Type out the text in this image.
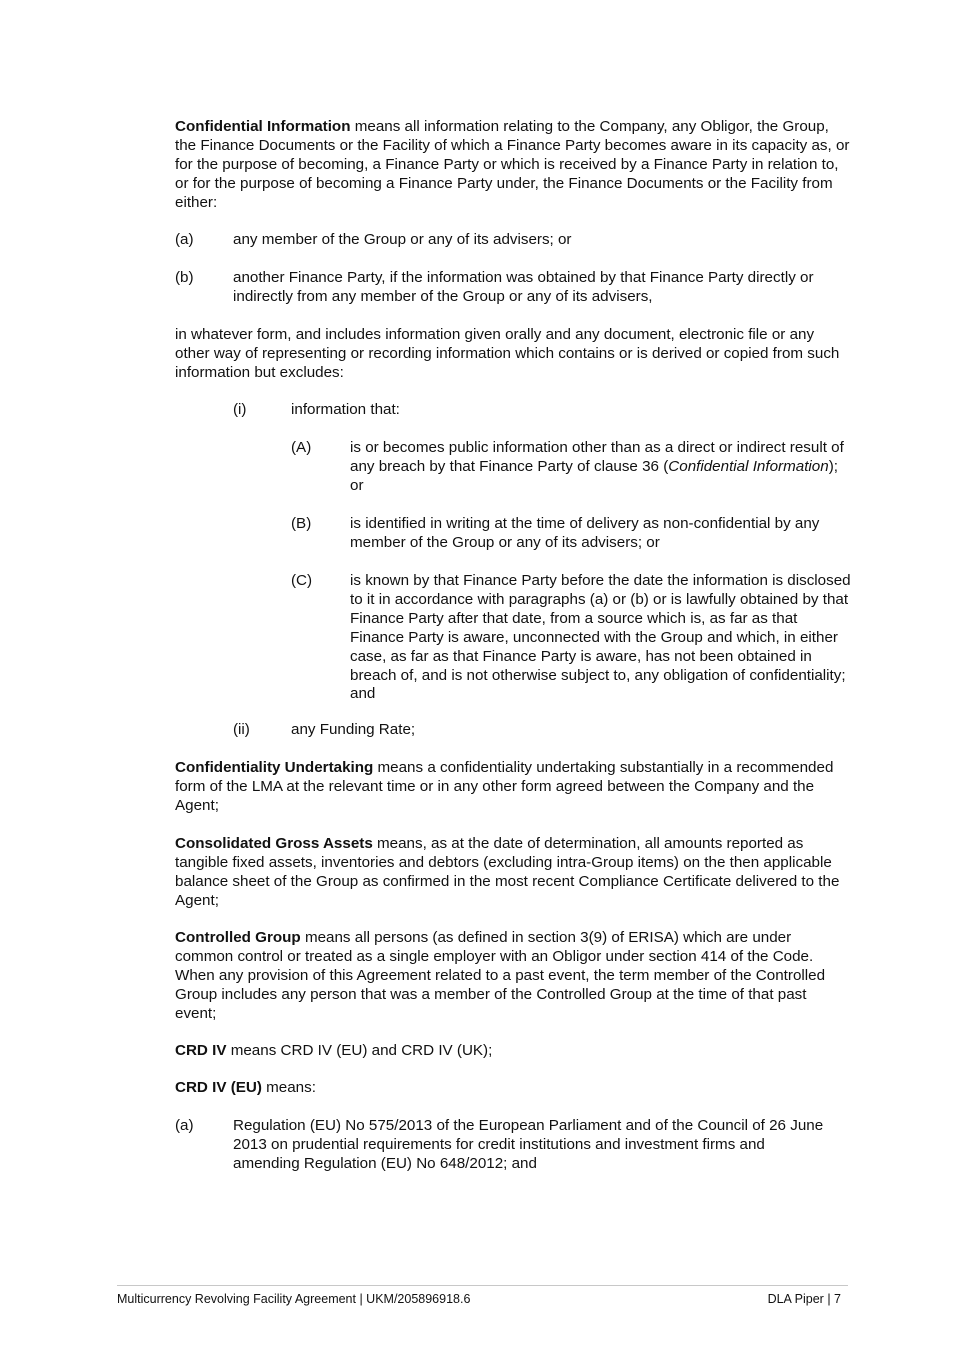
Confidential Information means all information relating to the Company, any Obligor, the Group, the Finance Documents or the Facility of which a Finance Party becomes aware in its capacity as, or for the purpose of becoming, a Finance Party or which is received by a Finance Party in relation to, or for the purpose of becoming a Finance Party under, the Finance Documents or the Facility from either:

(a)	any member of the Group or any of its advisers; or
(b)	another Finance Party, if the information was obtained by that Finance Party directly or indirectly from any member of the Group or any of its advisers,

in whatever form, and includes information given orally and any document, electronic file or any other way of representing or recording information which contains or is derived or copied from such information but excludes:

(i)	information that:
(A)	is or becomes public information other than as a direct or indirect result of any breach by that Finance Party of clause 36 (Confidential Information); or
(B)	is identified in writing at the time of delivery as non-confidential by any member of the Group or any of its advisers; or
(C) is known by that Finance Party before the date the information is disclosed to it in accordance with paragraphs (a) or (b) or is lawfully obtained by that Finance Party after that date, from a source which is, as far as that Finance Party is aware, unconnected with the Group and which, in either case, as far as that Finance Party is aware, has not been obtained in breach of, and is not otherwise subject to, any obligation of confidentiality; and
(ii)	any Funding Rate;

Confidentiality Undertaking means a confidentiality undertaking substantially in a recommended form of the LMA at the relevant time or in any other form agreed between the Company and the Agent;

Consolidated Gross Assets means, as at the date of determination, all amounts reported as tangible fixed assets, inventories and debtors (excluding intra-Group items) on the then applicable balance sheet of the Group as confirmed in the most recent Compliance Certificate delivered to the Agent;

Controlled Group means all persons (as defined in section 3(9) of ERISA) which are under common control or treated as a single employer with an Obligor under section 414 of the Code. When any provision of this Agreement related to a past event, the term member of the Controlled Group includes any person that was a member of the Controlled Group at the time of that past event;

CRD IV means CRD IV (EU) and CRD IV (UK);

CRD IV (EU) means:

(a)	Regulation (EU) No 575/2013 of the European Parliament and of the Council of 26 June 2013 on prudential requirements for credit institutions and investment firms and amending Regulation (EU) No 648/2012; and
Multicurrency Revolving Facility Agreement | UKM/205896918.6	DLA Piper | 7
